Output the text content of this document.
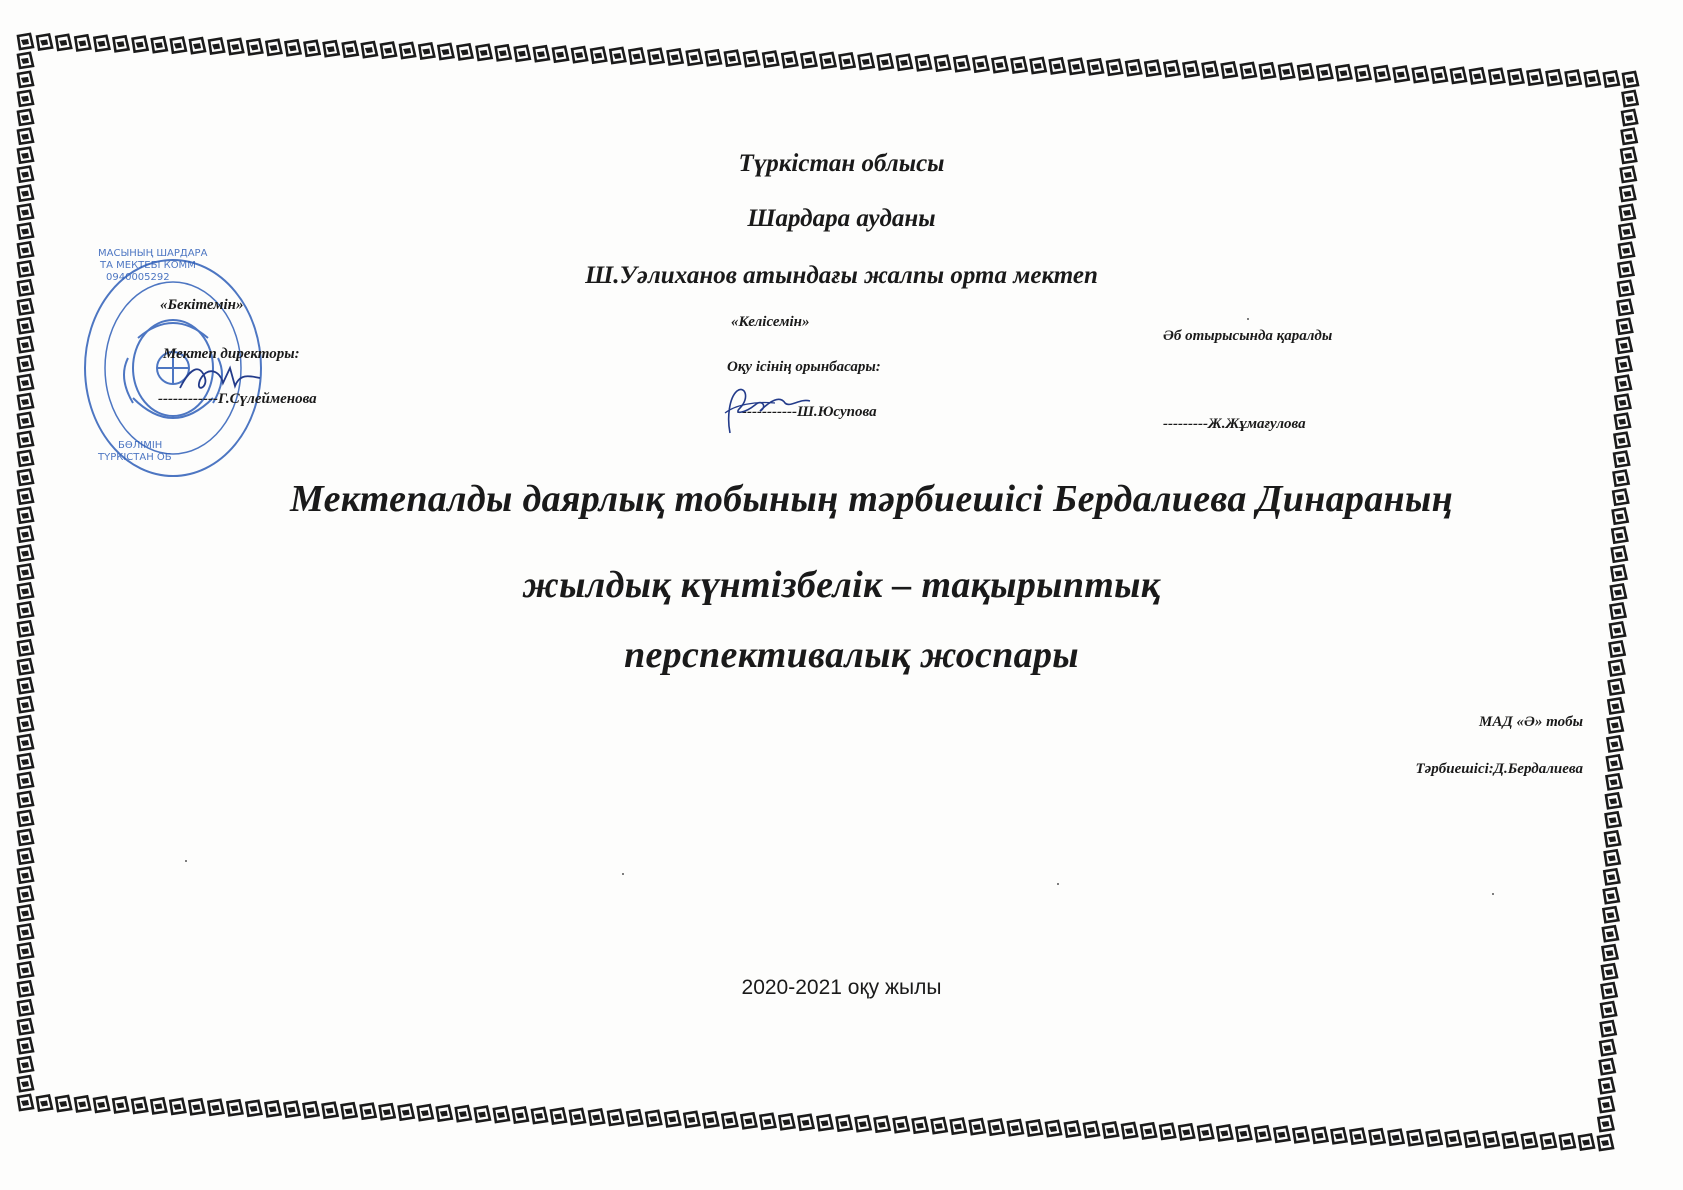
МАСЫНЫҢ ШАРДАРА
ТА МЕКТЕБІ КОММ
0940005292
ТҮРКІСТАН ОБ
БӨЛІМІН
Түркістан облысы
Шардара ауданы
Ш.Уәлиханов атындағы жалпы орта мектеп
«Бекітемін»
Мектеп директоры:
------------Г.Сүлейменова
«Келісемін»
Оқу ісінің орынбасары:
------------Ш.Юсупова
Әб отырысында қаралды
---------Ж.Жұмағулова
Мектепалды даярлық тобының тәрбиешісі Бердалиева Динараның
жылдық күнтізбелік – тақырыптық
перспективалық жоспары
МАД «Ә» тобы
Тәрбиешісі:Д.Бердалиева
2020-2021 оқу жылы
